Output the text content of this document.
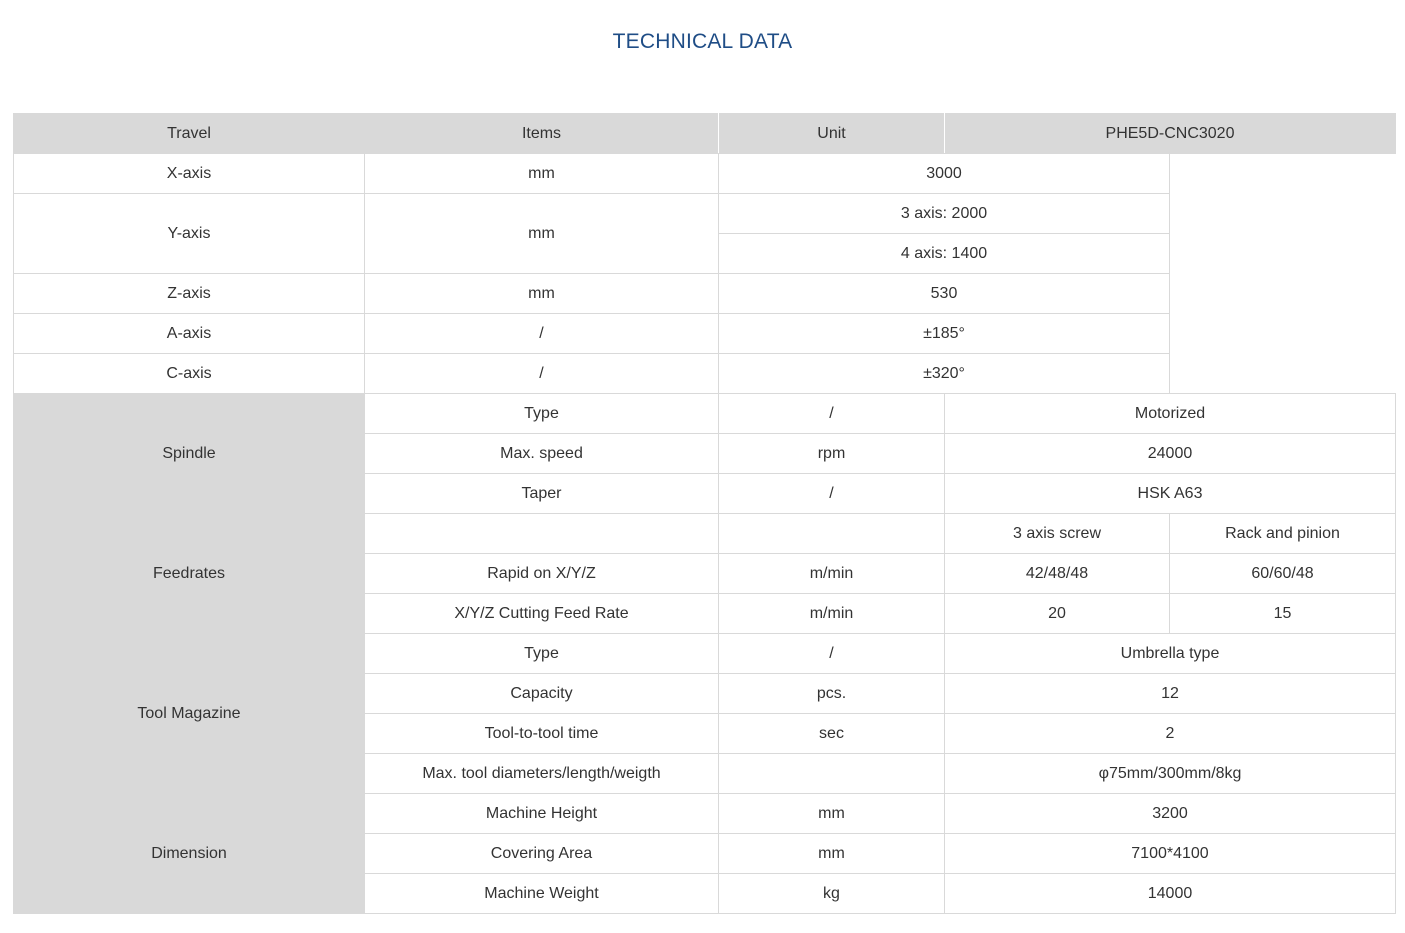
TECHNICAL DATA
Travel	Items	Unit	PHE5D-CNC3020	
X-axis	mm	3000		
Y-axis	mm	3 axis: 2000		
		4 axis: 1400		
Z-axis	mm	530		
A-axis	/	±185°		
C-axis	/	±320°		
Spindle	Type	/	Motorized	
	Max. speed	rpm	24000	
	Taper	/	HSK A63	
Feedrates			3 axis screw	Rack and pinion
	Rapid on X/Y/Z	m/min	42/48/48	60/60/48
	X/Y/Z Cutting Feed Rate	m/min	20	15
Tool Magazine	Type	/	Umbrella type	
	Capacity	pcs.	12	
	Tool-to-tool time	sec	2	
	Max. tool diameters/length/weigth		φ75mm/300mm/8kg	
Dimension	Machine Height	mm	3200	
	Covering Area	mm	7100*4100	
	Machine Weight	kg	14000	
